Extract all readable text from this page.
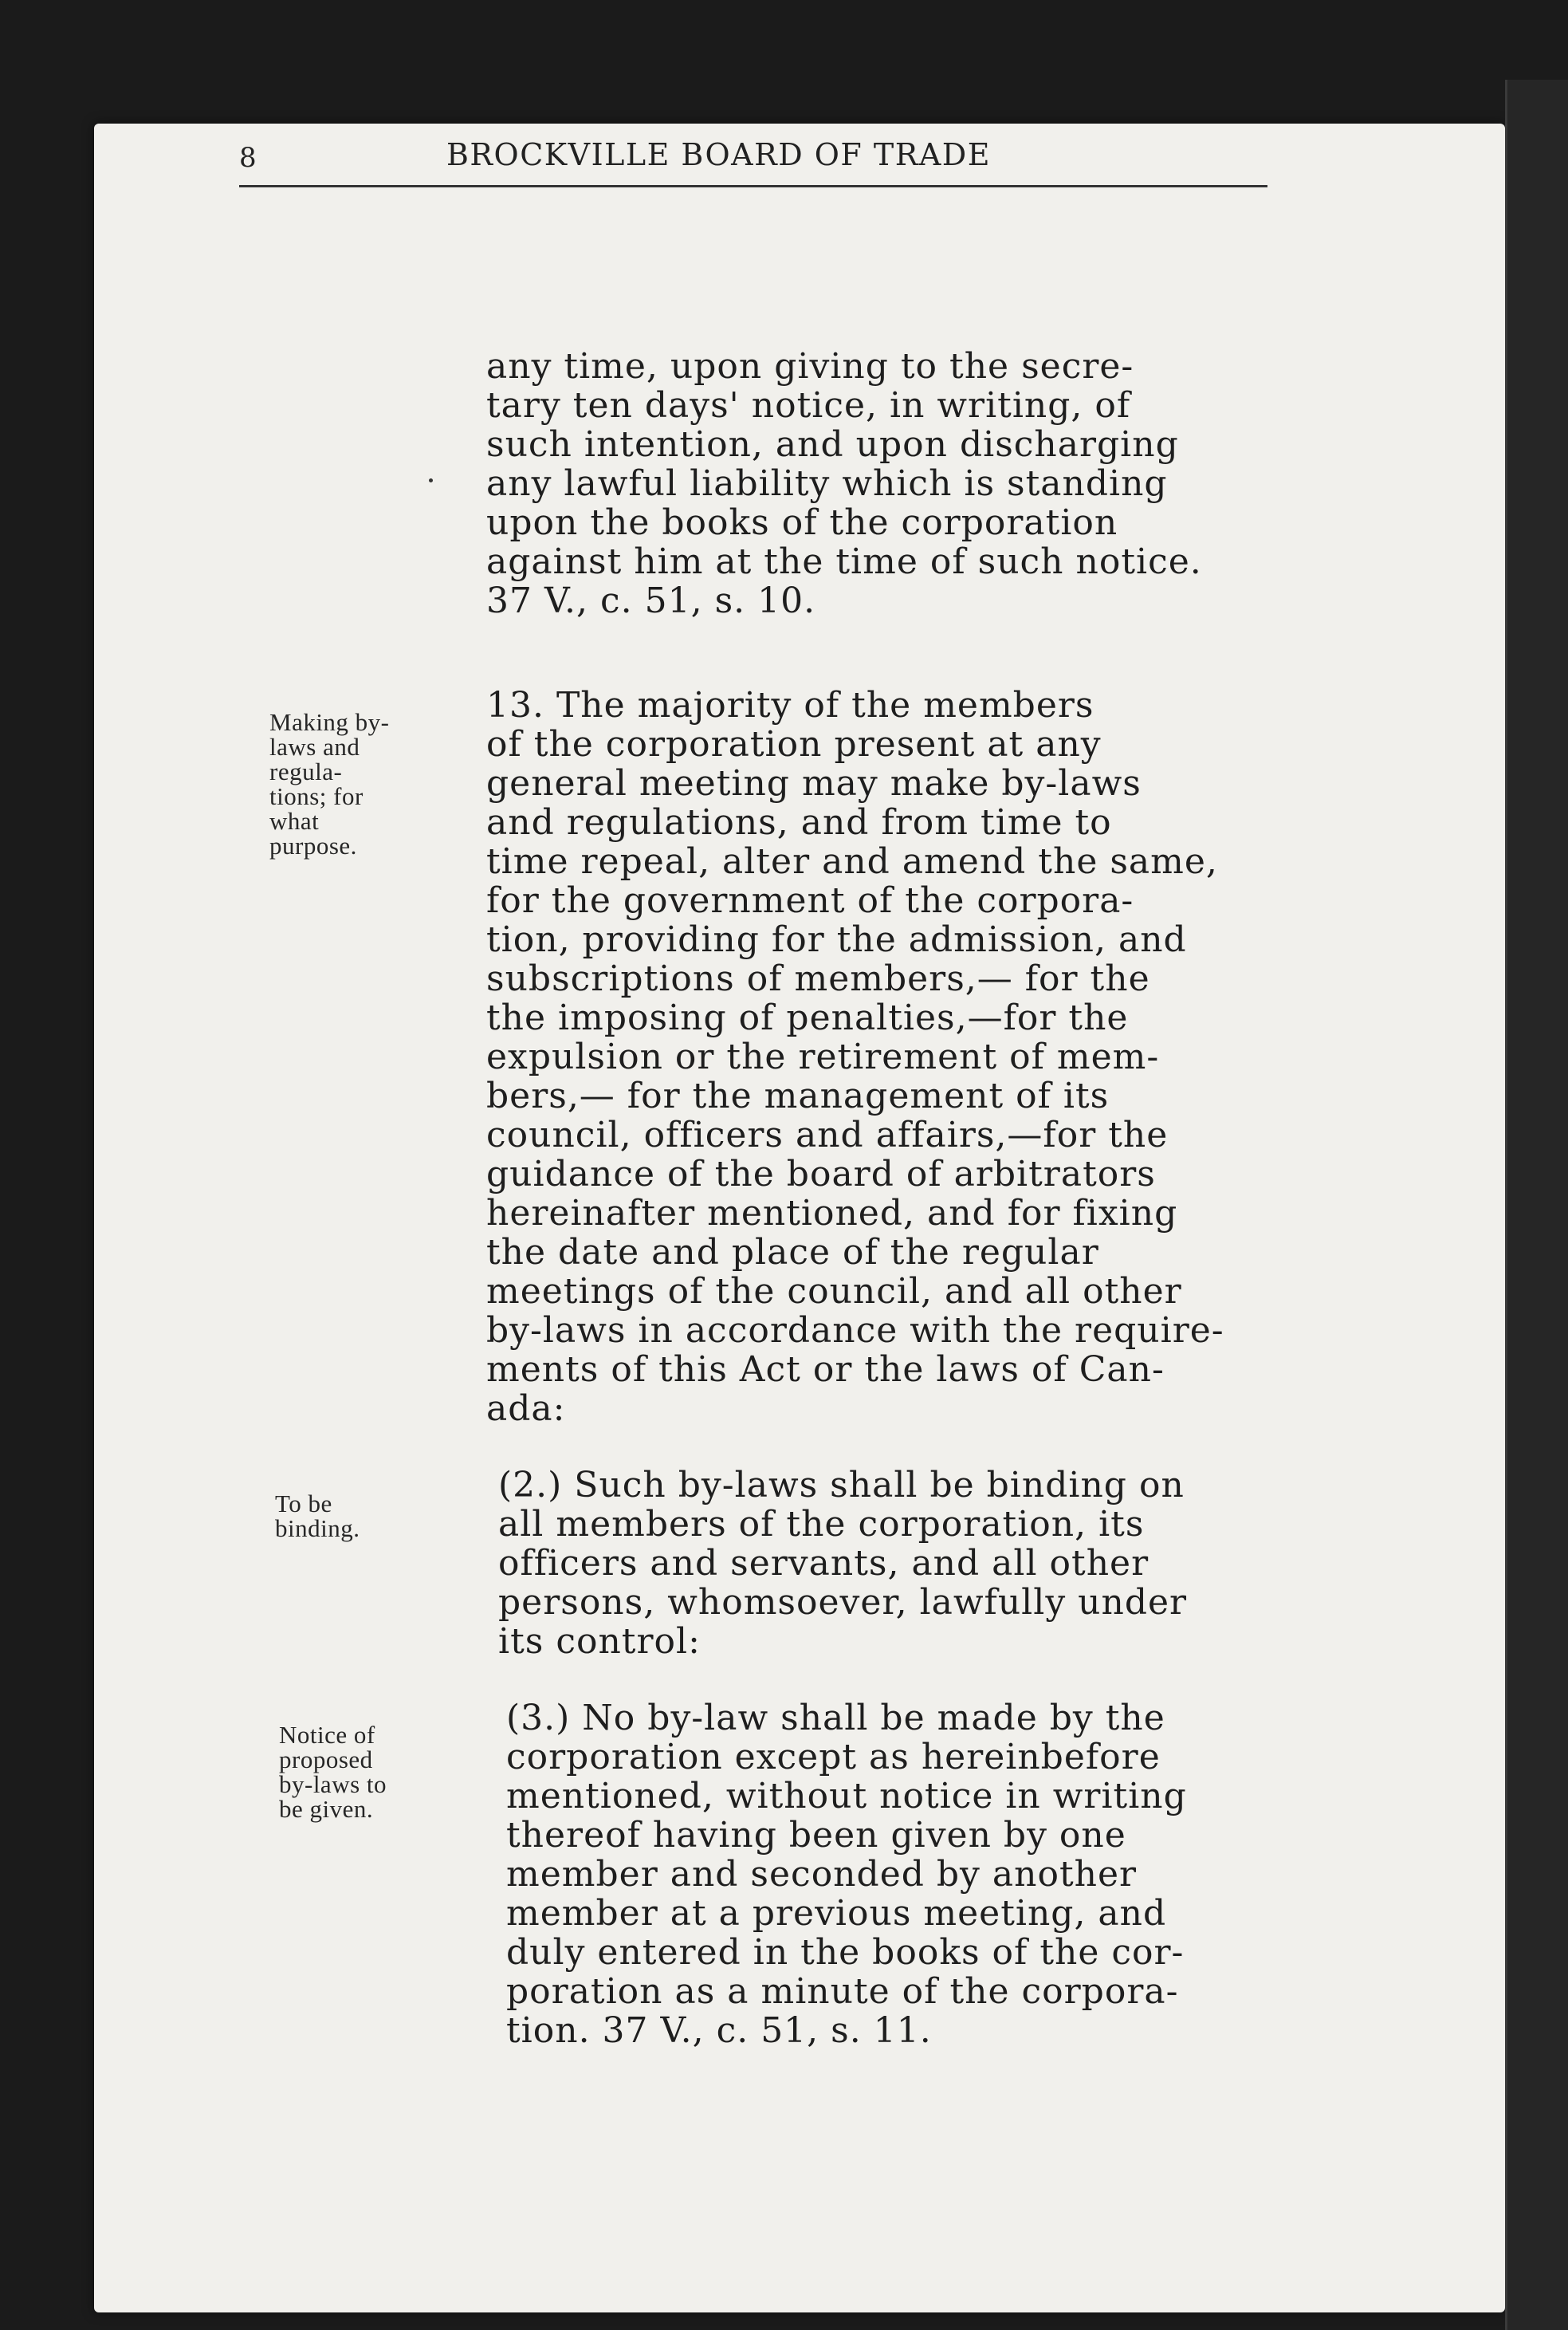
8	BROCKVILLE BOARD OF TRADE
any time, upon giving to the secre-
tary ten days' notice, in writing, of
such intention, and upon discharging
any lawful liability which is standing
upon the books of the corporation
against him at the time of such notice.
37 V., c. 51, s. 10.
Making by-
laws and
regula-
tions; for
what
purpose.
13. The majority of the members
of the corporation present at any
general meeting may make by-laws
and regulations, and from time to
time repeal, alter and amend the same,
for the government of the corpora-
tion, providing for the admission, and
subscriptions of members,— for the
the imposing of penalties,—for the
expulsion or the retirement of mem-
bers,— for the management of its
council, officers and affairs,—for the
guidance of the board of arbitrators
hereinafter mentioned, and for fixing
the date and place of the regular
meetings of the council, and all other
by-laws in accordance with the require-
ments of this Act or the laws of Can-
ada:
To be
binding.
(2.) Such by-laws shall be binding on
all members of the corporation, its
officers and servants, and all other
persons, whomsoever, lawfully under
its control:
Notice of
proposed
by-laws to
be given.
(3.) No by-law shall be made by the
corporation except as hereinbefore
mentioned, without notice in writing
thereof having been given by one
member and seconded by another
member at a previous meeting, and
duly entered in the books of the cor-
poration as a minute of the corpora-
tion. 37 V., c. 51, s. 11.
